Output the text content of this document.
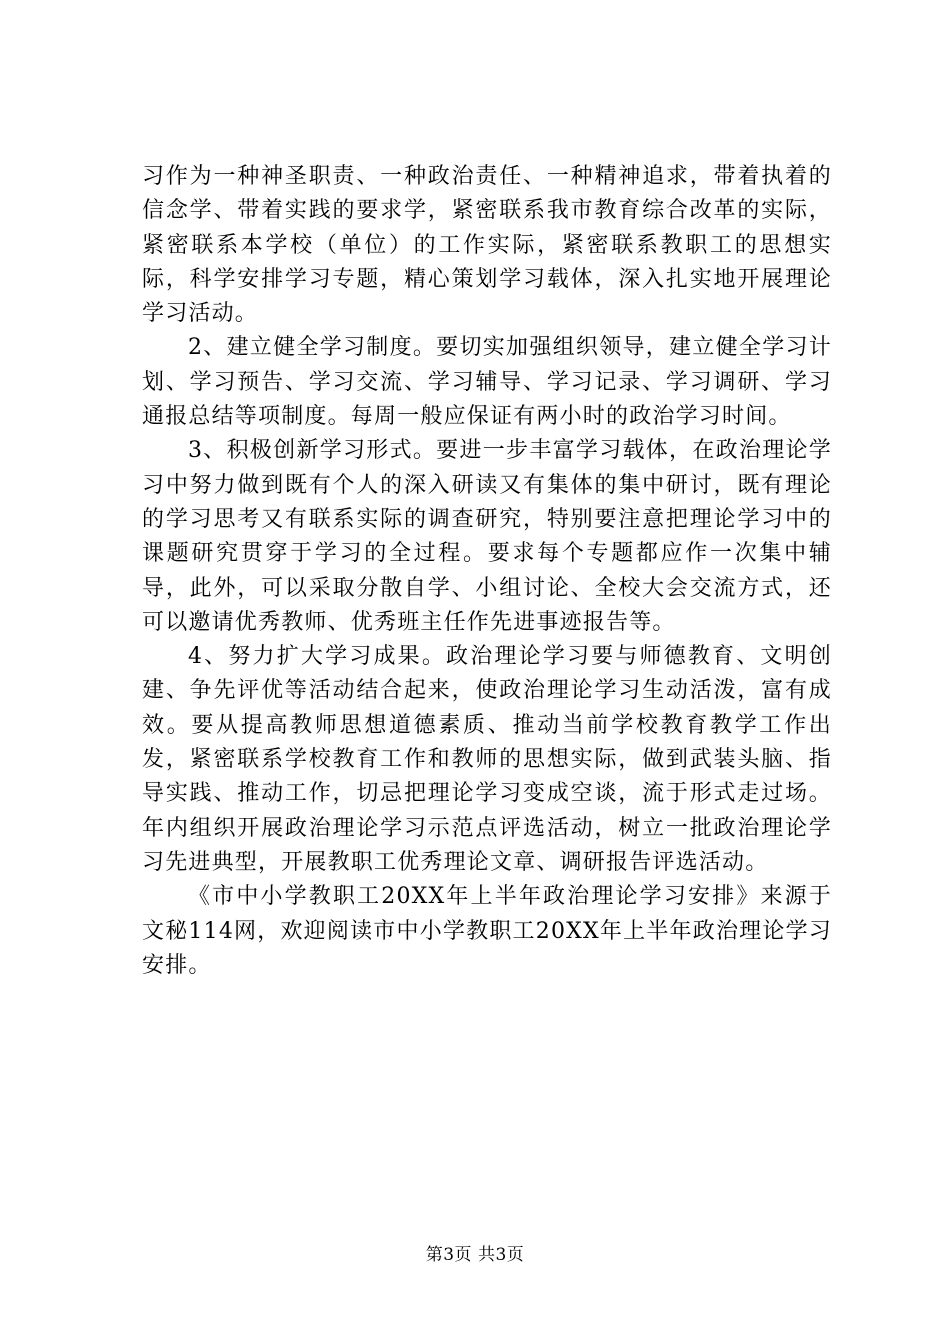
习作为一种神圣职责、一种政治责任、一种精神追求，带着执着的信念学、带着实践的要求学，紧密联系我市教育综合改革的实际，紧密联系本学校（单位）的工作实际，紧密联系教职工的思想实际，科学安排学习专题，精心策划学习载体，深入扎实地开展理论学习活动。

2、建立健全学习制度。要切实加强组织领导，建立健全学习计划、学习预告、学习交流、学习辅导、学习记录、学习调研、学习通报总结等项制度。每周一般应保证有两小时的政治学习时间。

3、积极创新学习形式。要进一步丰富学习载体，在政治理论学习中努力做到既有个人的深入研读又有集体的集中研讨，既有理论的学习思考又有联系实际的调查研究，特别要注意把理论学习中的课题研究贯穿于学习的全过程。要求每个专题都应作一次集中辅导，此外，可以采取分散自学、小组讨论、全校大会交流方式，还可以邀请优秀教师、优秀班主任作先进事迹报告等。

4、努力扩大学习成果。政治理论学习要与师德教育、文明创建、争先评优等活动结合起来，使政治理论学习生动活泼，富有成效。要从提高教师思想道德素质、推动当前学校教育教学工作出发，紧密联系学校教育工作和教师的思想实际，做到武装头脑、指导实践、推动工作，切忌把理论学习变成空谈，流于形式走过场。年内组织开展政治理论学习示范点评选活动，树立一批政治理论学习先进典型，开展教职工优秀理论文章、调研报告评选活动。

《市中小学教职工20XX年上半年政治理论学习安排》来源于文秘114网，欢迎阅读市中小学教职工20XX年上半年政治理论学习安排。

第3页 共3页
